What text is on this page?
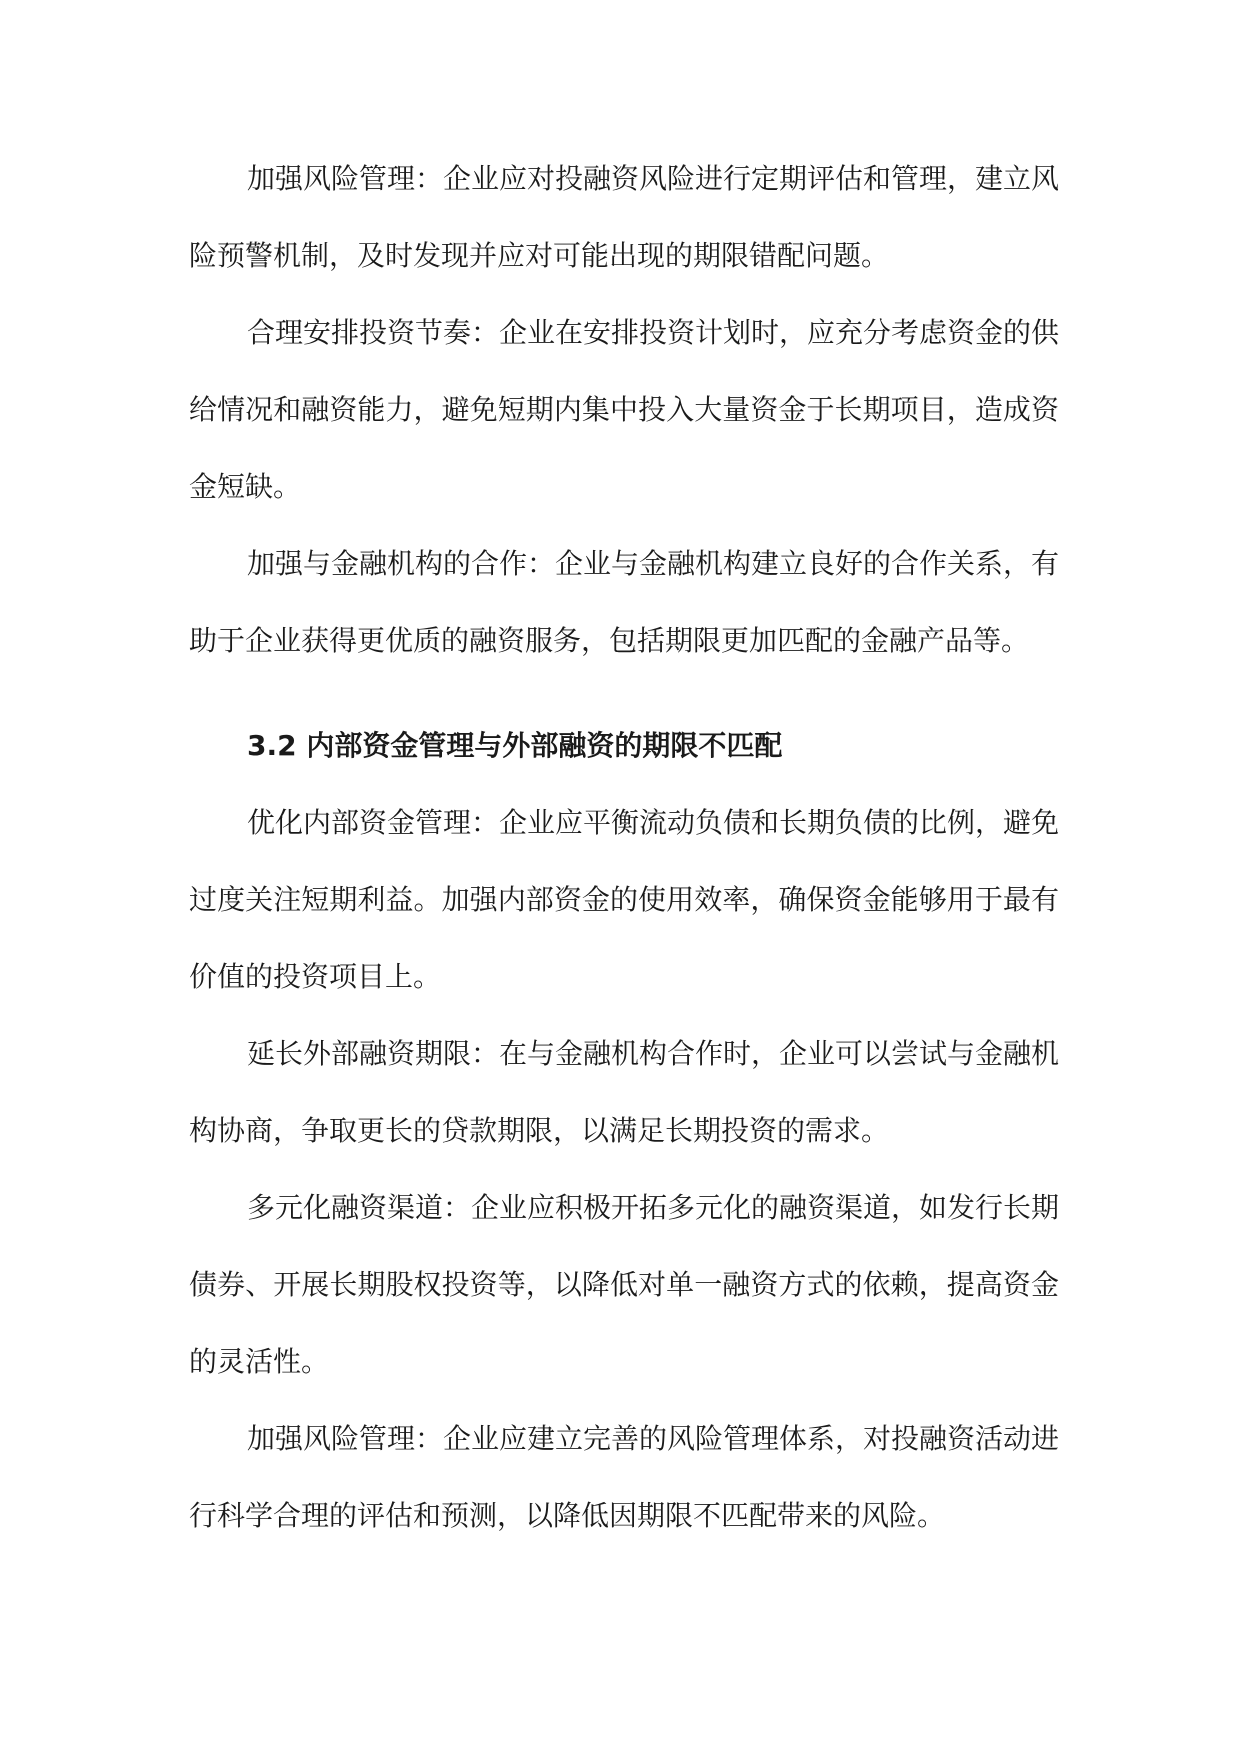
加强风险管理：企业应对投融资风险进行定期评估和管理，建立风险预警机制，及时发现并应对可能出现的期限错配问题。

合理安排投资节奏：企业在安排投资计划时，应充分考虑资金的供给情况和融资能力，避免短期内集中投入大量资金于长期项目，造成资金短缺。

加强与金融机构的合作：企业与金融机构建立良好的合作关系，有助于企业获得更优质的融资服务，包括期限更加匹配的金融产品等。

3.2 内部资金管理与外部融资的期限不匹配

优化内部资金管理：企业应平衡流动负债和长期负债的比例，避免过度关注短期利益。加强内部资金的使用效率，确保资金能够用于最有价值的投资项目上。

延长外部融资期限：在与金融机构合作时，企业可以尝试与金融机构协商，争取更长的贷款期限，以满足长期投资的需求。

多元化融资渠道：企业应积极开拓多元化的融资渠道，如发行长期债券、开展长期股权投资等，以降低对单一融资方式的依赖，提高资金的灵活性。

加强风险管理：企业应建立完善的风险管理体系，对投融资活动进行科学合理的评估和预测，以降低因期限不匹配带来的风险。
